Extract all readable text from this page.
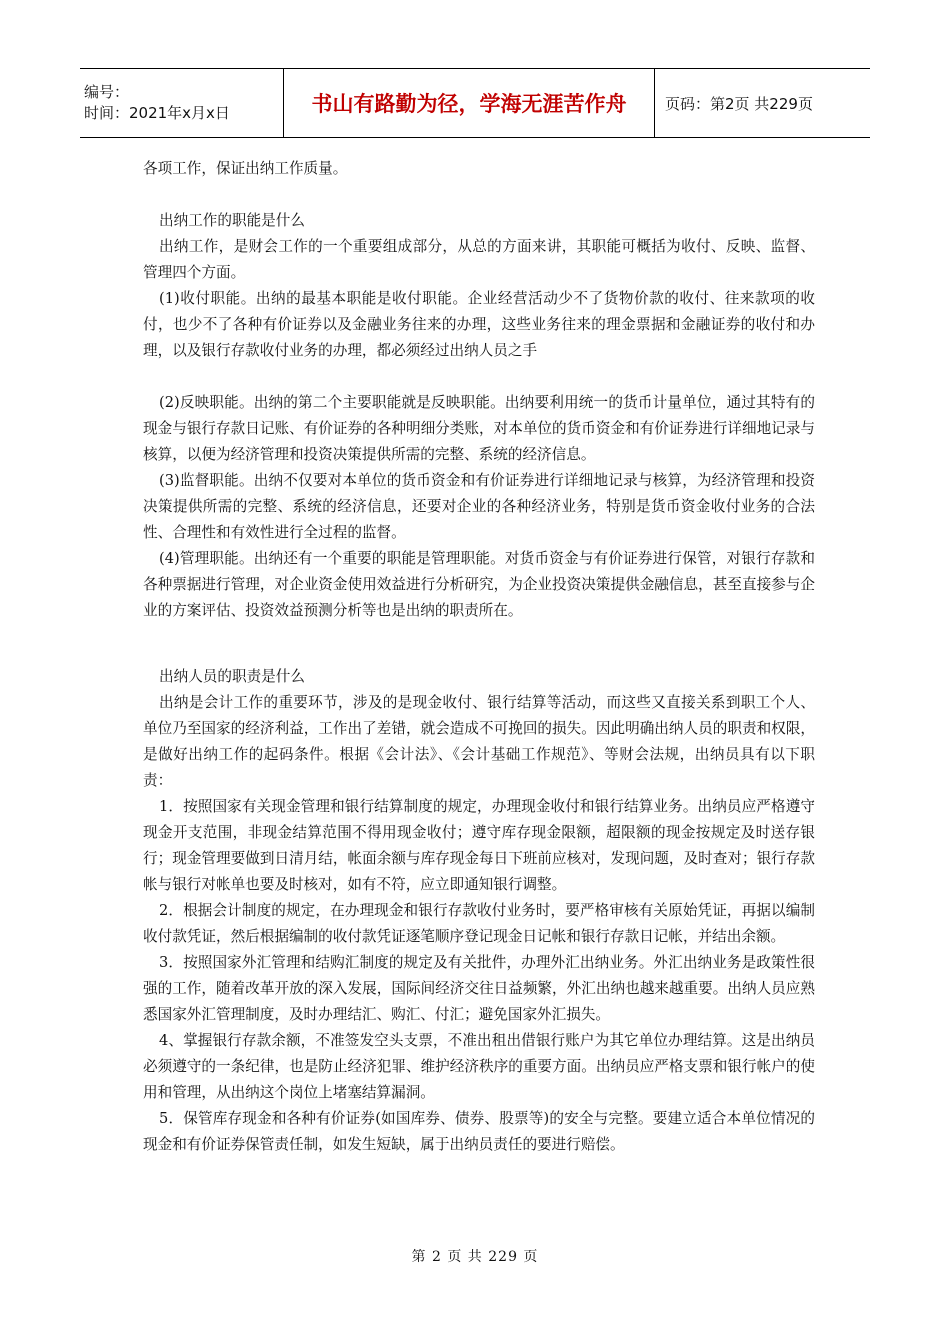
编号：
时间：2021年x月x日	书山有路勤为径，学海无涯苦作舟	页码：第2页 共229页

各项工作，保证出纳工作质量。

出纳工作的职能是什么

出纳工作，是财会工作的一个重要组成部分，从总的方面来讲，其职能可概括为收付、反映、监督、管理四个方面。

(1)收付职能。出纳的最基本职能是收付职能。企业经营活动少不了货物价款的收付、往来款项的收付，也少不了各种有价证券以及金融业务往来的办理，这些业务往来的理金票据和金融证券的收付和办理，以及银行存款收付业务的办理，都必须经过出纳人员之手

(2)反映职能。出纳的第二个主要职能就是反映职能。出纳要利用统一的货币计量单位，通过其特有的现金与银行存款日记账、有价证券的各种明细分类账，对本单位的货币资金和有价证券进行详细地记录与核算，以便为经济管理和投资决策提供所需的完整、系统的经济信息。

(3)监督职能。出纳不仅要对本单位的货币资金和有价证券进行详细地记录与核算，为经济管理和投资决策提供所需的完整、系统的经济信息，还要对企业的各种经济业务，特别是货币资金收付业务的合法性、合理性和有效性进行全过程的监督。

(4)管理职能。出纳还有一个重要的职能是管理职能。对货币资金与有价证券进行保管，对银行存款和各种票据进行管理，对企业资金使用效益进行分析研究，为企业投资决策提供金融信息，甚至直接参与企业的方案评估、投资效益预测分析等也是出纳的职责所在。

出纳人员的职责是什么

出纳是会计工作的重要环节，涉及的是现金收付、银行结算等活动，而这些又直接关系到职工个人、单位乃至国家的经济利益，工作出了差错，就会造成不可挽回的损失。因此明确出纳人员的职责和权限，是做好出纳工作的起码条件。根据《会计法》、《会计基础工作规范》、等财会法规，出纳员具有以下职责：

1．按照国家有关现金管理和银行结算制度的规定，办理现金收付和银行结算业务。出纳员应严格遵守现金开支范围，非现金结算范围不得用现金收付；遵守库存现金限额，超限额的现金按规定及时送存银行；现金管理要做到日清月结，帐面余额与库存现金每日下班前应核对，发现问题，及时查对；银行存款帐与银行对帐单也要及时核对，如有不符，应立即通知银行调整。

2．根据会计制度的规定，在办理现金和银行存款收付业务时，要严格审核有关原始凭证，再据以编制收付款凭证，然后根据编制的收付款凭证逐笔顺序登记现金日记帐和银行存款日记帐，并结出余额。

3．按照国家外汇管理和结购汇制度的规定及有关批件，办理外汇出纳业务。外汇出纳业务是政策性很强的工作，随着改革开放的深入发展，国际间经济交往日益频繁，外汇出纳也越来越重要。出纳人员应熟悉国家外汇管理制度，及时办理结汇、购汇、付汇；避免国家外汇损失。

4、掌握银行存款余额，不准签发空头支票，不准出租出借银行账户为其它单位办理结算。这是出纳员必须遵守的一条纪律，也是防止经济犯罪、维护经济秩序的重要方面。出纳员应严格支票和银行帐户的使用和管理，从出纳这个岗位上堵塞结算漏洞。

5．保管库存现金和各种有价证券(如国库券、债券、股票等)的安全与完整。要建立适合本单位情况的现金和有价证券保管责任制，如发生短缺，属于出纳员责任的要进行赔偿。

第 2 页 共 229 页
